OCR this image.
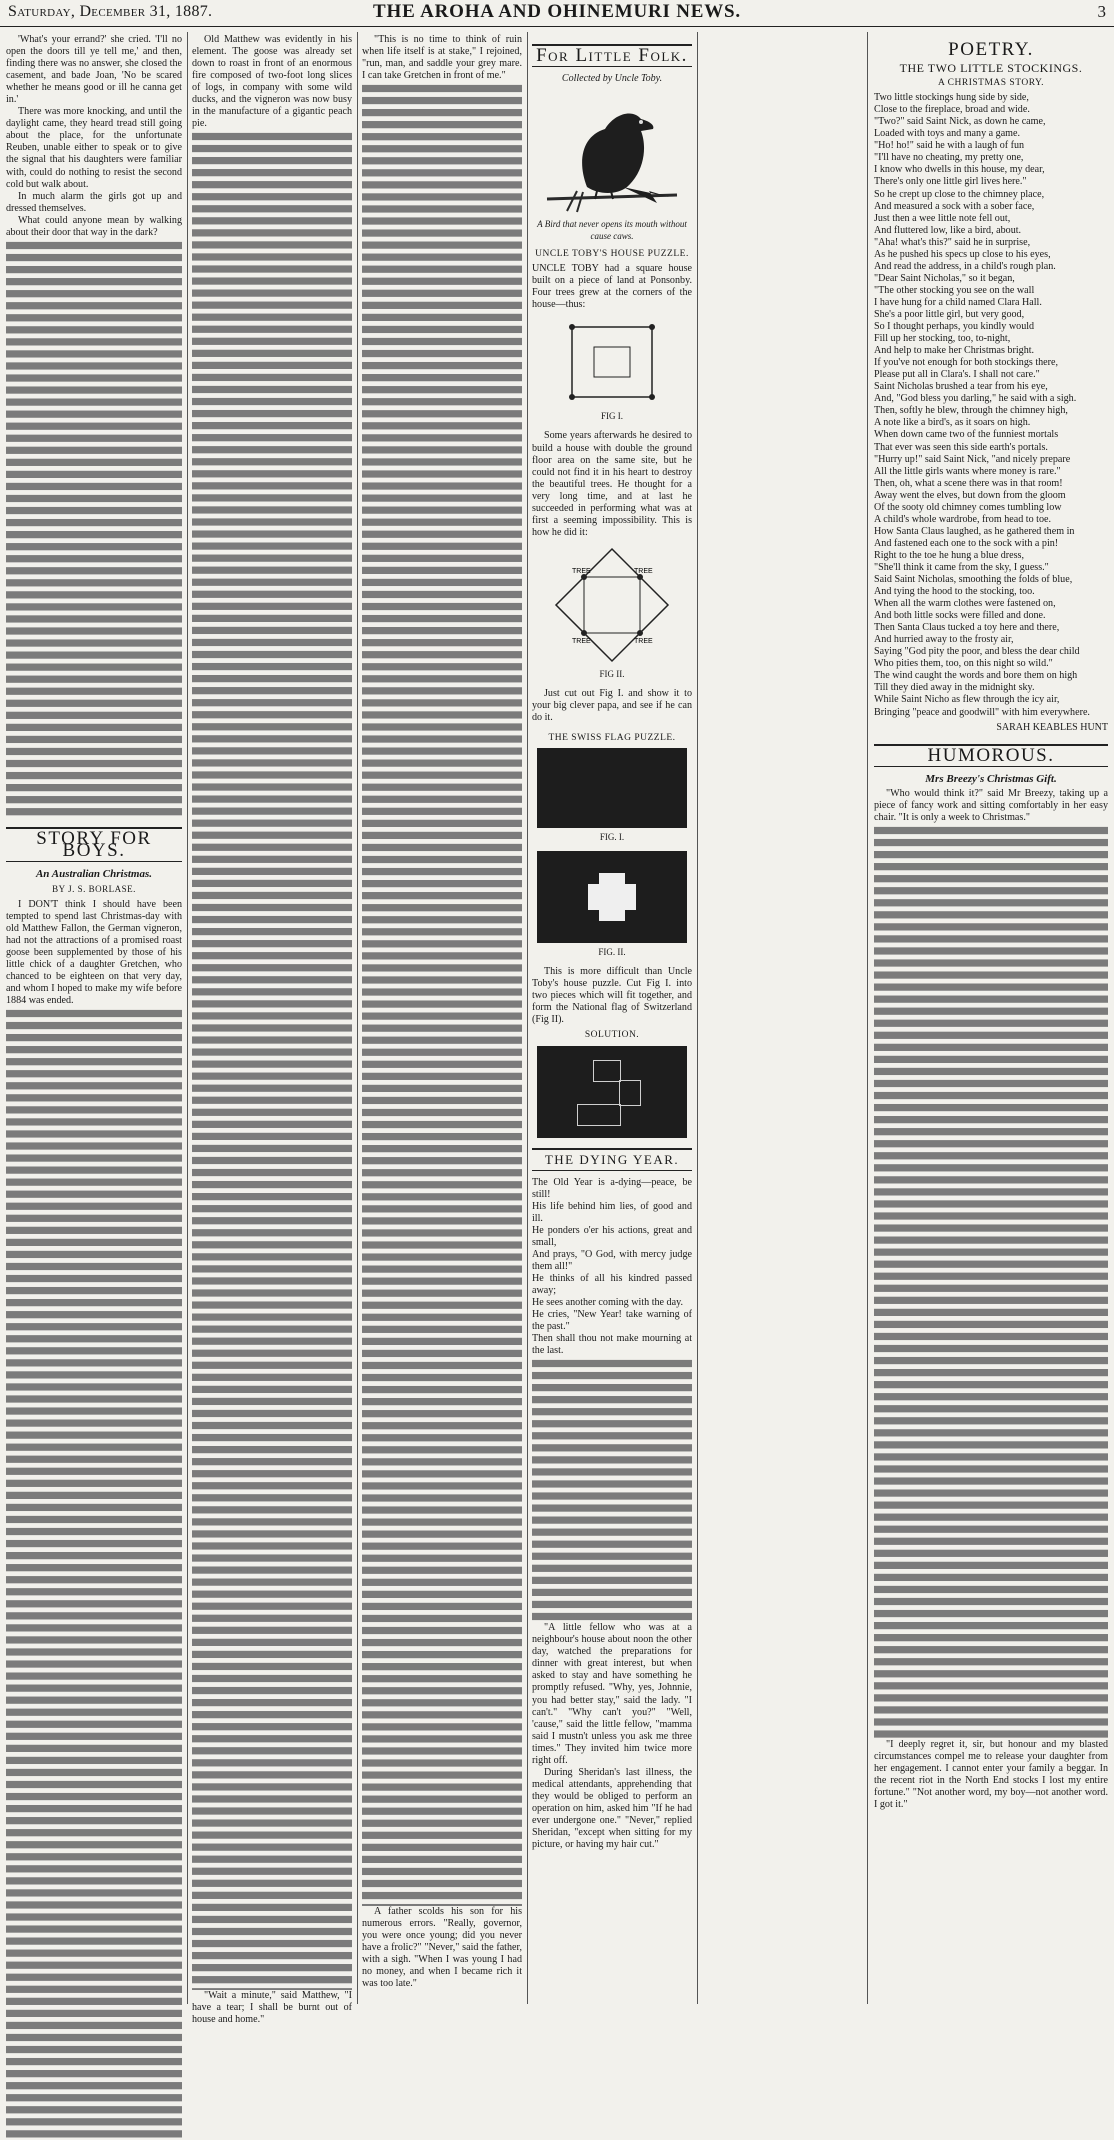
Saturday, December 31, 1887.	THE AROHA AND OHINEMURI NEWS.	3

'What's your errand?' she cried. 'I'll no open the doors till ye tell me,' and then, finding there was no answer, she closed the casement, and bade Joan, 'No be scared whether he means good or ill he canna get in.'

There was more knocking, and until the daylight came, they heard tread still going about the place, for the unfortunate Reuben, unable either to speak or to give the signal that his daughters were familiar with, could do nothing to resist the second cold but walk about.

In much alarm the girls got up and dressed themselves.

What could anyone mean by walking about their door that way in the dark?

STORY FOR BOYS.
An Australian Christmas.
BY J. S. BORLASE.

I DON'T think I should have been tempted to spend last Christmas-day with old Matthew Fallon, the German vigneron, had not the attractions of a promised roast goose been supplemented by those of his little chick of a daughter Gretchen, who chanced to be eighteen on that very day, and whom I hoped to make my wife before 1884 was ended.

Old Matthew was evidently in his element. The goose was already set down to roast in front of an enormous fire composed of two-foot long slices of logs, in company with some wild ducks, and the vigneron was now busy in the manufacture of a gigantic peach pie.

"Wait a minute," said Matthew, "I have a tear; I shall be burnt out of house and home."

"This is no time to think of ruin when life itself is at stake," I rejoined, "run, man, and saddle your grey mare. I can take Gretchen in front of me."

A father scolds his son for his numerous errors. "Really, governor, you were once young; did you never have a frolic?" "Never," said the father, with a sigh. "When I was young I had no money, and when I became rich it was too late."

For Little Folk.
Collected by Uncle Toby.
A Bird that never opens its mouth without cause caws.
UNCLE TOBY'S HOUSE PUZZLE.

UNCLE TOBY had a square house built on a piece of land at Ponsonby. Four trees grew at the corners of the house—thus:

FIG I.

Some years afterwards he desired to build a house with double the ground floor area on the same site, but he could not find it in his heart to destroy the beautiful trees. He thought for a very long time, and at last he succeeded in performing what was at first a seeming impossibility. This is how he did it:

TREE	TREE
TREE	TREE
FIG II.

Just cut out Fig I. and show it to your big clever papa, and see if he can do it.

THE SWISS FLAG PUZZLE.
FIG. I.
FIG. II.

This is more difficult than Uncle Toby's house puzzle. Cut Fig I. into two pieces which will fit together, and form the National flag of Switzerland (Fig II).

SOLUTION.
THE DYING YEAR.

The Old Year is a-dying—peace, be still!

His life behind him lies, of good and ill.

He ponders o'er his actions, great and small,

And prays, "O God, with mercy judge them all!"

He thinks of all his kindred passed away;

He sees another coming with the day.

He cries, "New Year! take warning of the past."

Then shall thou not make mourning at the last.

"A little fellow who was at a neighbour's house about noon the other day, watched the preparations for dinner with great interest, but when asked to stay and have something he promptly refused. "Why, yes, Johnnie, you had better stay," said the lady. "I can't." "Why can't you?" "Well, 'cause," said the little fellow, "mamma said I mustn't unless you ask me three times." They invited him twice more right off.

During Sheridan's last illness, the medical attendants, apprehending that they would be obliged to perform an operation on him, asked him "If he had ever undergone one." "Never," replied Sheridan, "except when sitting for my picture, or having my hair cut."

POETRY.
THE TWO LITTLE STOCKINGS.
A CHRISTMAS STORY.

Two little stockings hung side by side,

Close to the fireplace, broad and wide.

"Two?" said Saint Nick, as down he came,

Loaded with toys and many a game.

"Ho! ho!" said he with a laugh of fun

"I'll have no cheating, my pretty one,

I know who dwells in this house, my dear,

There's only one little girl lives here."

So he crept up close to the chimney place,

And measured a sock with a sober face,

Just then a wee little note fell out,

And fluttered low, like a bird, about.

"Aha! what's this?" said he in surprise,

As he pushed his specs up close to his eyes,

And read the address, in a child's rough plan.

"Dear Saint Nicholas," so it began,

"The other stocking you see on the wall

I have hung for a child named Clara Hall.

She's a poor little girl, but very good,

So I thought perhaps, you kindly would

Fill up her stocking, too, to-night,

And help to make her Christmas bright.

If you've not enough for both stockings there,

Please put all in Clara's. I shall not care."

Saint Nicholas brushed a tear from his eye,

And, "God bless you darling," he said with a sigh.

Then, softly he blew, through the chimney high,

A note like a bird's, as it soars on high.

When down came two of the funniest mortals

That ever was seen this side earth's portals.

"Hurry up!" said Saint Nick, "and nicely prepare

All the little girls wants where money is rare."

Then, oh, what a scene there was in that room!

Away went the elves, but down from the gloom

Of the sooty old chimney comes tumbling low

A child's whole wardrobe, from head to toe.

How Santa Claus laughed, as he gathered them in

And fastened each one to the sock with a pin!

Right to the toe he hung a blue dress,

"She'll think it came from the sky, I guess."

Said Saint Nicholas, smoothing the folds of blue,

And tying the hood to the stocking, too.

When all the warm clothes were fastened on,

And both little socks were filled and done.

Then Santa Claus tucked a toy here and there,

And hurried away to the frosty air,

Saying "God pity the poor, and bless the dear child

Who pities them, too, on this night so wild."

The wind caught the words and bore them on high

Till they died away in the midnight sky.

While Saint Nicho as flew through the icy air,

Bringing "peace and goodwill" with him everywhere.

SARAH KEABLES HUNT
HUMOROUS.
Mrs Breezy's Christmas Gift.

"Who would think it?" said Mr Breezy, taking up a piece of fancy work and sitting comfortably in her easy chair. "It is only a week to Christmas."

"I deeply regret it, sir, but honour and my blasted circumstances compel me to release your daughter from her engagement. I cannot enter your family a beggar. In the recent riot in the North End stocks I lost my entire fortune." "Not another word, my boy—not another word. I got it."
